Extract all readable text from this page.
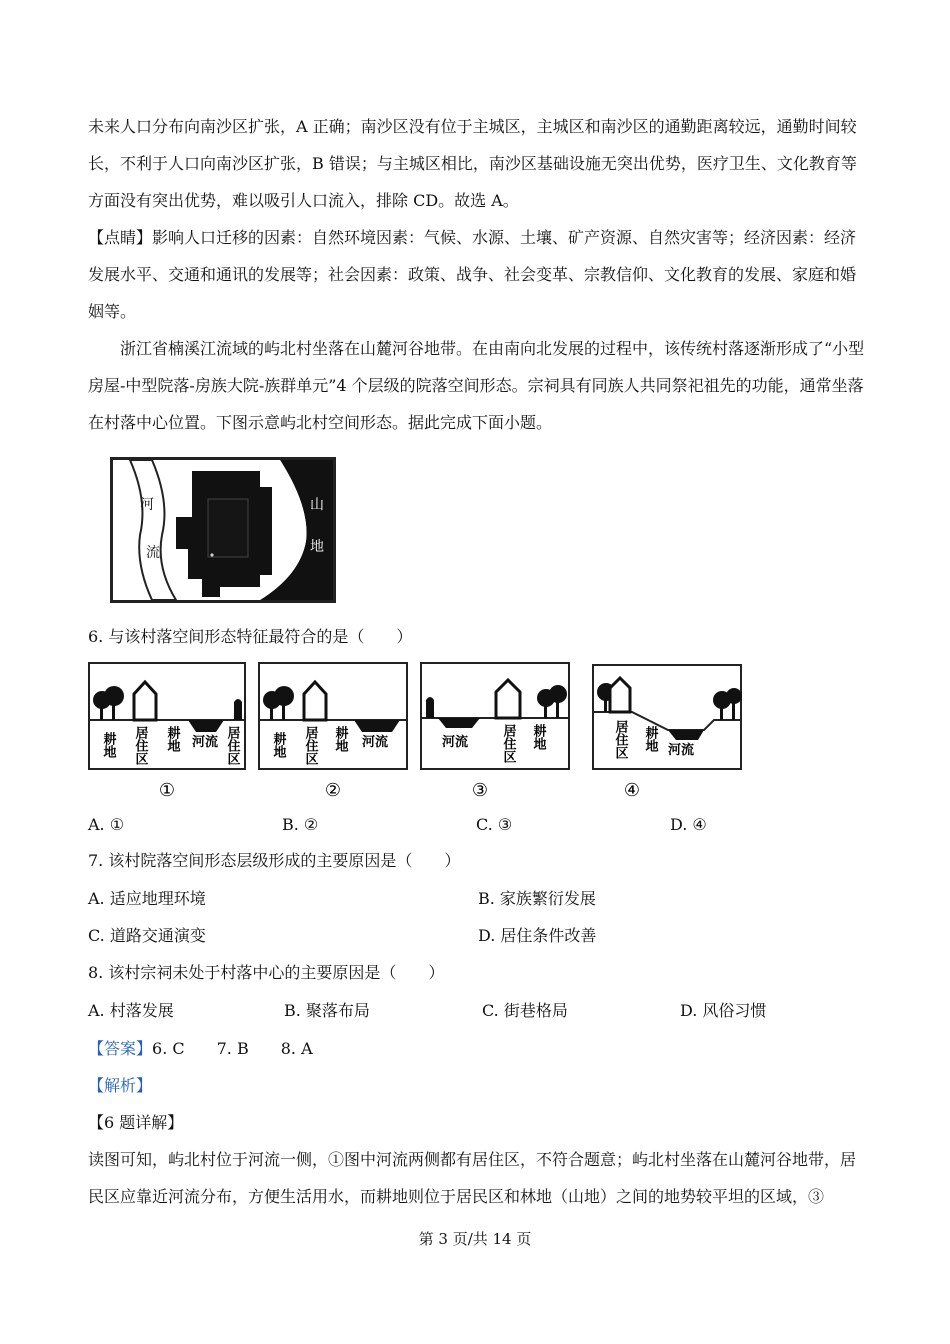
未来人口分布向南沙区扩张，A 正确；南沙区没有位于主城区，主城区和南沙区的通勤距离较远，通勤时间较长，不利于人口向南沙区扩张，B 错误；与主城区相比，南沙区基础设施无突出优势，医疗卫生、文化教育等方面没有突出优势，难以吸引人口流入，排除 CD。故选 A。

【点睛】影响人口迁移的因素：自然环境因素：气候、水源、土壤、矿产资源、自然灾害等；经济因素：经济发展水平、交通和通讯的发展等；社会因素：政策、战争、社会变革、宗教信仰、文化教育的发展、家庭和婚姻等。

浙江省楠溪江流域的屿北村坐落在山麓河谷地带。在由南向北发展的过程中，该传统村落逐渐形成了“小型房屋-中型院落-房族大院-族群单元”4 个层级的院落空间形态。宗祠具有同族人共同祭祀祖先的功能，通常坐落在村落中心位置。下图示意屿北村空间形态。据此完成下面小题。

河
流
山
地

6. 与该村落空间形态特征最符合的是（　　）

耕地 居住区 耕地 河流 居住区
①
耕地 居住区 耕地 河流
②
河流 居住区 耕地
③
居住区 耕地 河流
④
A. ①	B. ②	C. ③	D. ④

7. 该村院落空间形态层级形成的主要原因是（　　）

A. 适应地理环境	B. 家族繁衍发展
C. 道路交通演变	D. 居住条件改善

8. 该村宗祠未处于村落中心的主要原因是（　　）

A. 村落发展	B. 聚落布局	C. 街巷格局	D. 风俗习惯

【答案】6. C　　7. B　　8. A

【解析】

【6 题详解】

读图可知，屿北村位于河流一侧，①图中河流两侧都有居住区，不符合题意；屿北村坐落在山麓河谷地带，居民区应靠近河流分布，方便生活用水，而耕地则位于居民区和林地（山地）之间的地势较平坦的区域，③

第 3 页/共 14 页
